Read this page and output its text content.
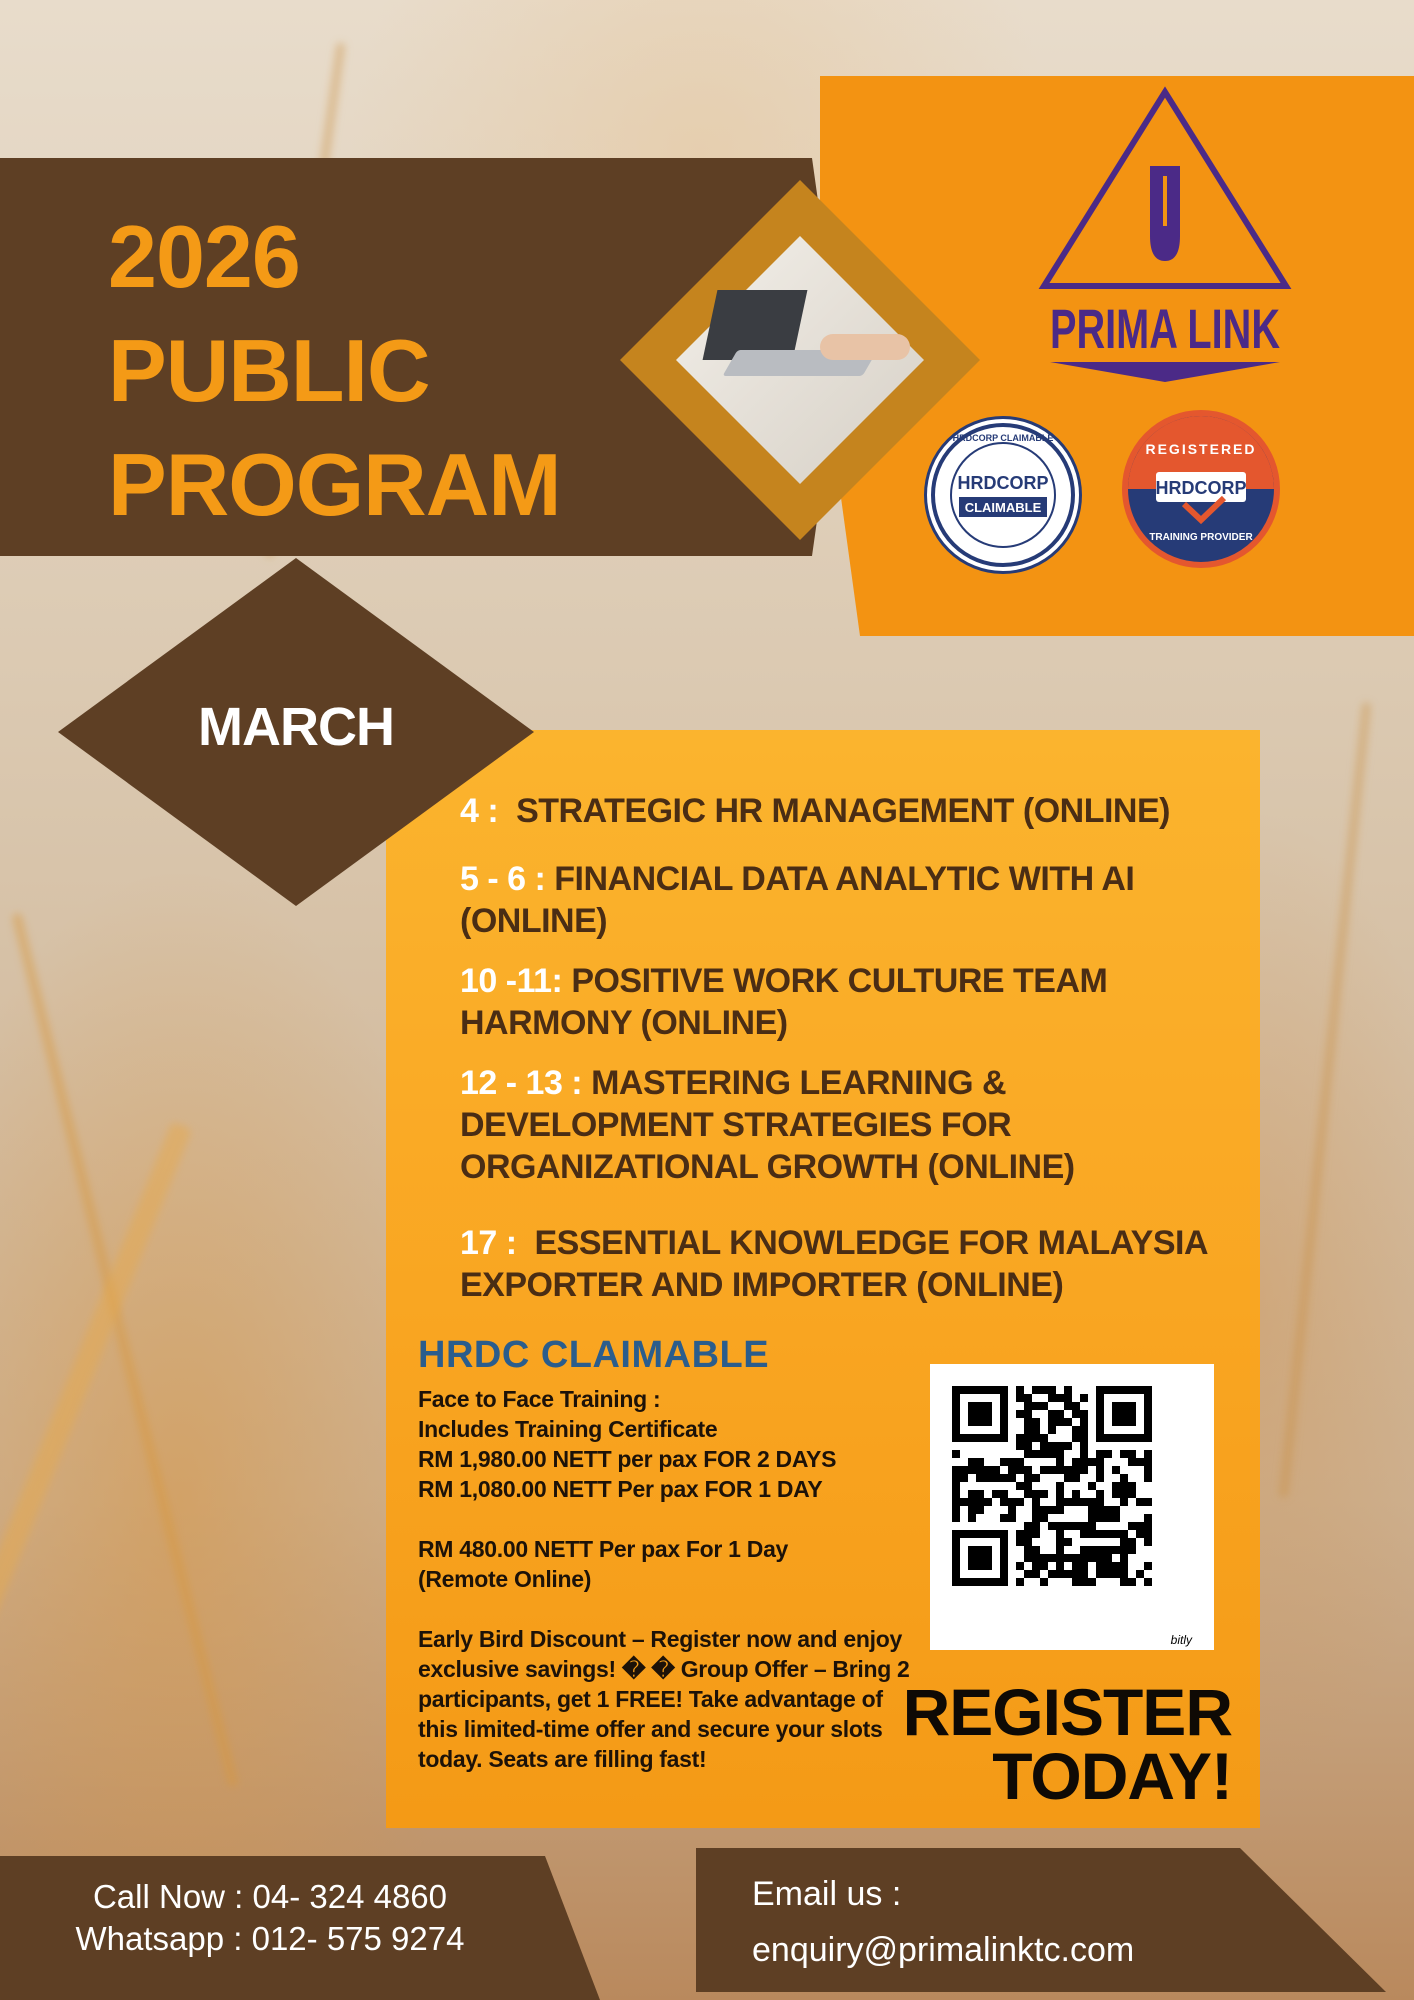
2026
PUBLIC
PROGRAM
PRIMA LINK
HRDCORP CLAIMABLE
HRDCORP
CLAIMABLE
REGISTERED
HRDCORP
TRAINING PROVIDER
MARCH
4 : STRATEGIC HR MANAGEMENT (ONLINE)
5 - 6 : FINANCIAL DATA ANALYTIC WITH AI (ONLINE)
10 -11: POSITIVE WORK CULTURE TEAM HARMONY (ONLINE)
12 - 13 : MASTERING LEARNING & DEVELOPMENT STRATEGIES FOR ORGANIZATIONAL GROWTH (ONLINE)
17 : ESSENTIAL KNOWLEDGE FOR MALAYSIA EXPORTER AND IMPORTER (ONLINE)
HRDC CLAIMABLE

Face to Face Training :

Includes Training Certificate

RM 1,980.00 NETT per pax FOR 2 DAYS

RM 1,080.00 NETT Per pax FOR 1 DAY

RM 480.00 NETT Per pax For 1 Day

(Remote Online)

Early Bird Discount – Register now and enjoy exclusive savings! � � Group Offer – Bring 2 participants, get 1 FREE! Take advantage of this limited-time offer and secure your slots today. Seats are filling fast!

bitly
REGISTER
TODAY!
Call Now : 04- 324 4860
Whatsapp : 012- 575 9274
Email us :
enquiry@primalinktc.com
